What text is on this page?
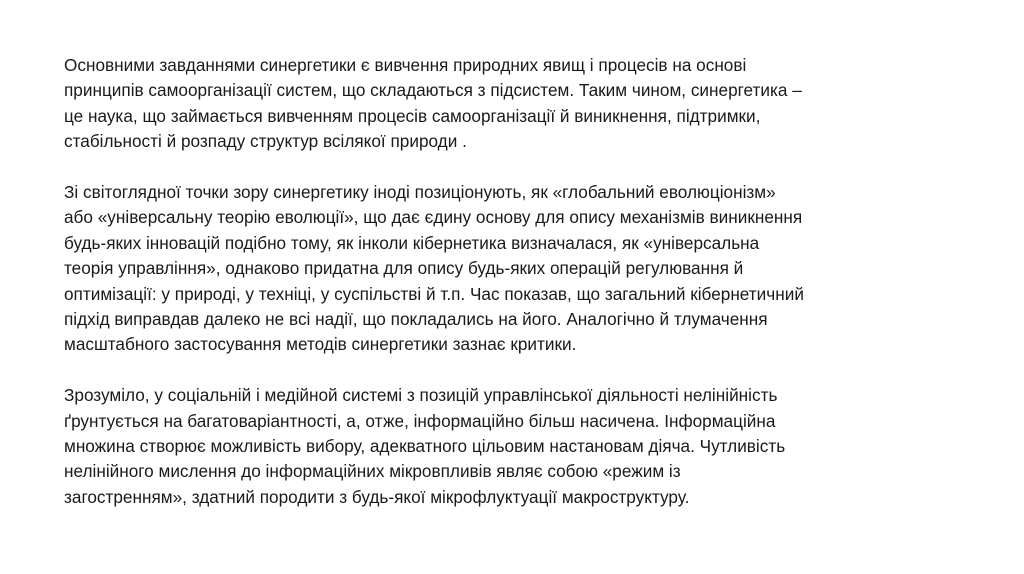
Основними завданнями синергетики є вивчення природних явищ і процесів на основі
принципів самоорганізації систем, що складаються з підсистем. Таким чином, синергетика –
це наука, що займається вивченням процесів самоорганізації й виникнення, підтримки,
стабільності й розпаду структур всілякої природи .

Зі світоглядної точки зору синергетику іноді позиціонують, як «глобальний еволюціонізм»
або «універсальну теорію еволюції», що дає єдину основу для опису механізмів виникнення
будь-яких інновацій подібно тому, як інколи кібернетика визначалася, як «універсальна
теорія управління», однаково придатна для опису будь-яких операцій регулювання й
оптимізації: у природі, у техніці, у суспільстві й т.п. Час показав, що загальний кібернетичний
підхід виправдав далеко не всі надії, що покладались на його. Аналогічно й тлумачення
масштабного застосування методів синергетики зазнає критики.

Зрозуміло, у соціальній і медійной системі з позицій управлінської діяльності нелінійність
ґрунтується на багатоваріантності, а, отже, інформаційно більш насичена. Інформаційна
множина створює можливість вибору, адекватного цільовим настановам діяча. Чутливість
нелінійного мислення до інформаційних мікровпливів являє собою «режим із
загостренням», здатний породити з будь-якої мікрофлуктуації макроструктуру.
